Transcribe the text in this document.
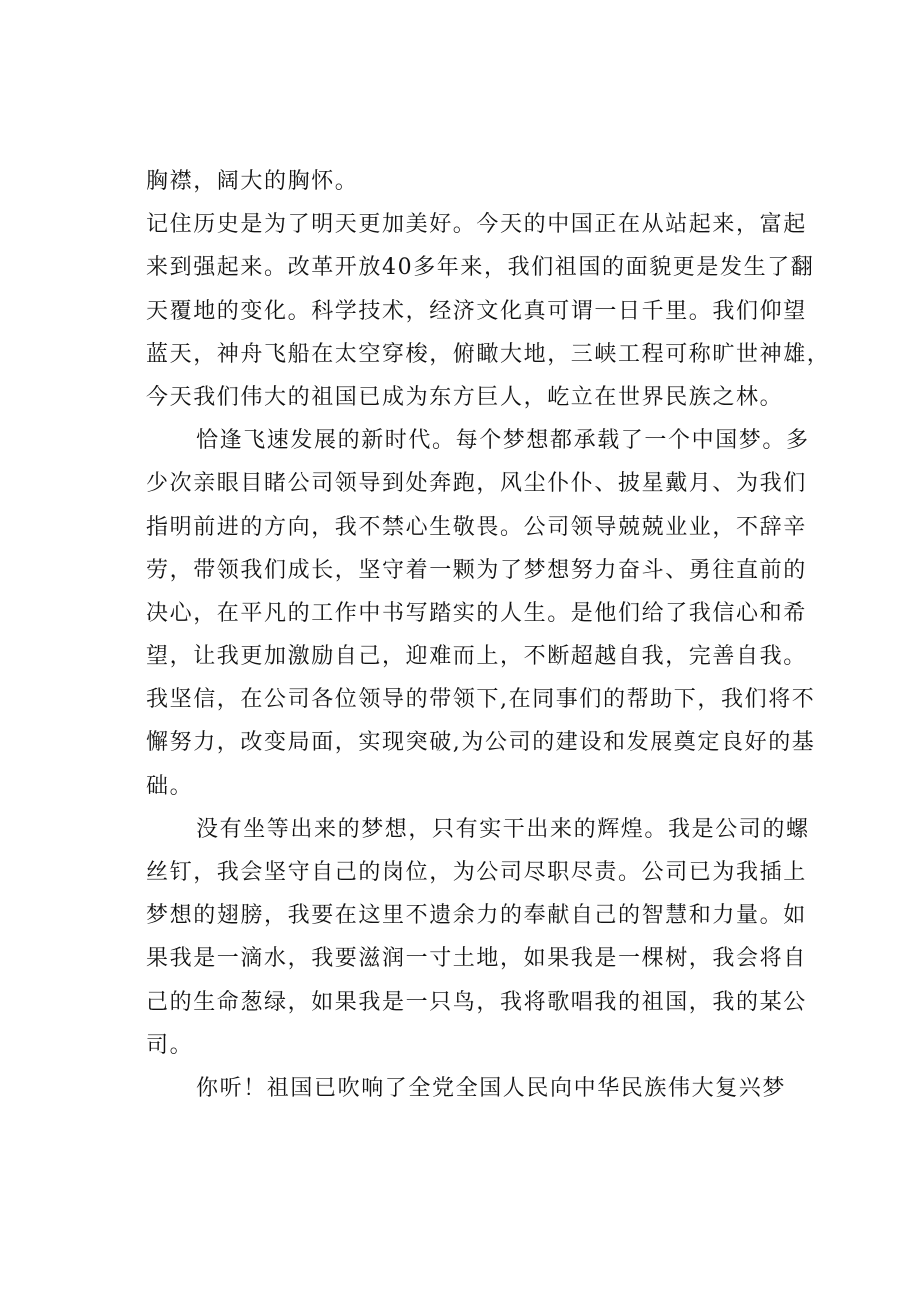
胸襟，阔大的胸怀。
记住历史是为了明天更加美好。今天的中国正在从站起来，富起
来到强起来。改革开放40多年来，我们祖国的面貌更是发生了翻
天覆地的变化。科学技术，经济文化真可谓一日千里。我们仰望
蓝天，神舟飞船在太空穿梭，俯瞰大地，三峡工程可称旷世神雄，
今天我们伟大的祖国已成为东方巨人，屹立在世界民族之林。
恰逢飞速发展的新时代。每个梦想都承载了一个中国梦。多
少次亲眼目睹公司领导到处奔跑，风尘仆仆、披星戴月、为我们
指明前进的方向，我不禁心生敬畏。公司领导兢兢业业，不辞辛
劳，带领我们成长，坚守着一颗为了梦想努力奋斗、勇往直前的
决心，在平凡的工作中书写踏实的人生。是他们给了我信心和希
望，让我更加激励自己，迎难而上，不断超越自我，完善自我。
我坚信，在公司各位领导的带领下,在同事们的帮助下，我们将不
懈努力，改变局面，实现突破,为公司的建设和发展奠定良好的基
础。
没有坐等出来的梦想，只有实干出来的辉煌。我是公司的螺
丝钉，我会坚守自己的岗位，为公司尽职尽责。公司已为我插上
梦想的翅膀，我要在这里不遗余力的奉献自己的智慧和力量。如
果我是一滴水，我要滋润一寸土地，如果我是一棵树，我会将自
己的生命葱绿，如果我是一只鸟，我将歌唱我的祖国，我的某公
司。
你听！祖国已吹响了全党全国人民向中华民族伟大复兴梦
